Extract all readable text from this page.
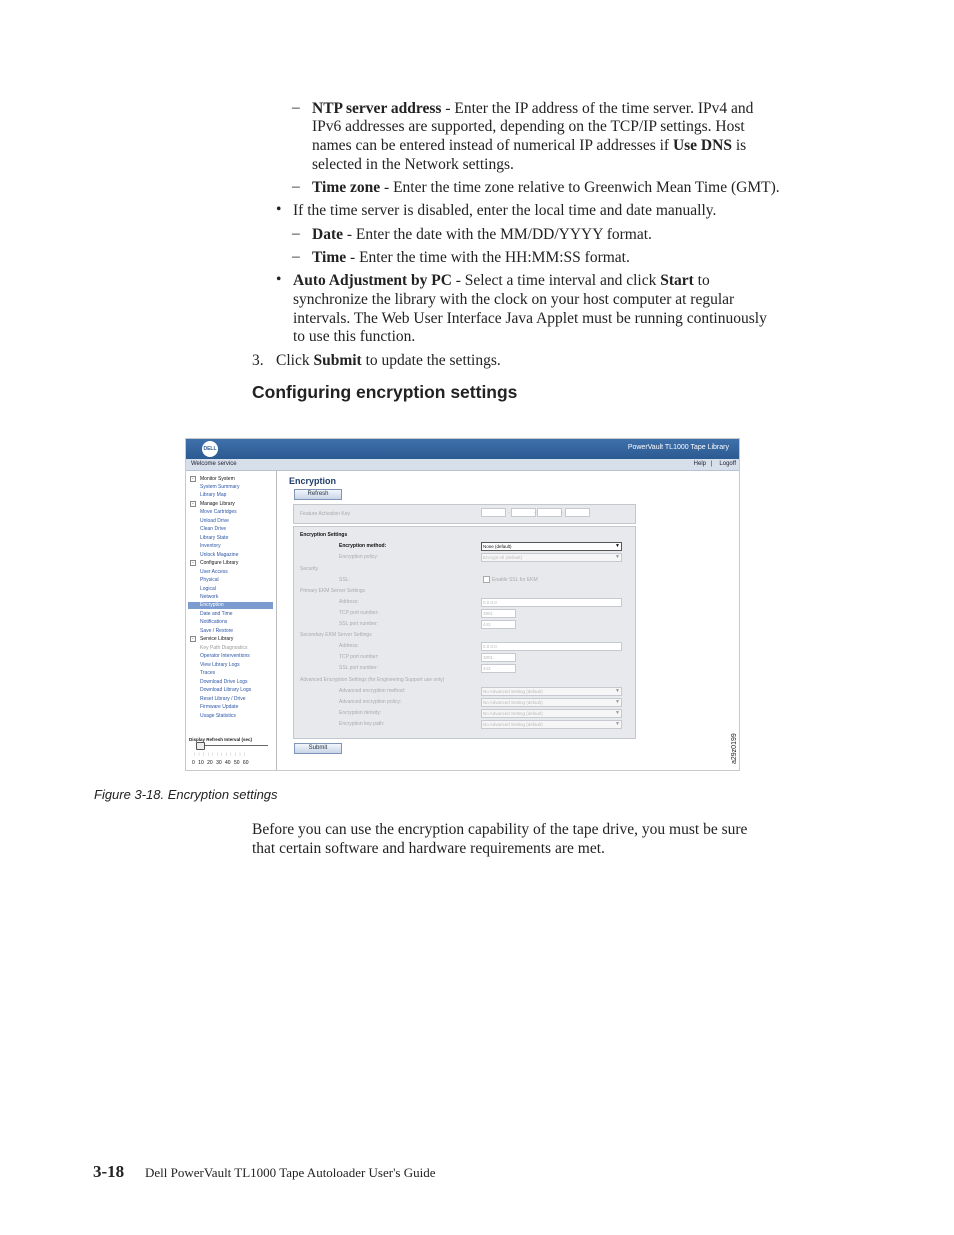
– NTP server address - Enter the IP address of the time server. IPv4 and
IPv6 addresses are supported, depending on the TCP/IP settings. Host
names can be entered instead of numerical IP addresses if Use DNS is
selected in the Network settings.
– Time zone - Enter the time zone relative to Greenwich Mean Time (GMT).
• If the time server is disabled, enter the local time and date manually.
– Date - Enter the date with the MM/DD/YYYY format.
– Time - Enter the time with the HH:MM:SS format.
• Auto Adjustment by PC - Select a time interval and click Start to
synchronize the library with the clock on your host computer at regular
intervals. The Web User Interface Java Applet must be running continuously
to use this function.
3. Click Submit to update the settings.
Configuring encryption settings
DELL	PowerVault TL1000 Tape Library
Welcome service	Help | Logoff
−	Monitor System
System Summary
Library Map
−	Manage Library
Move Cartridges
Unload Drive
Clean Drive
Library State
Inventory
Unlock Magazine
−	Configure Library
User Access
Physical
Logical
Network
Encryption
Date and Time
Notifications
Save / Restore
−	Service Library
Key Path Diagnostics
Operator Interventions
View Library Logs
Traces
Download Drive Logs
Download Library Logs
Reset Library / Drive
Firmware Update
Usage Statistics
Display Refresh Interval (sec)
| | | | | | | | | | | |
0 10 20 30 40 50 60
Encryption
Refresh
Feature Activation Key	-	-	-
Encryption Settings
Encryption method:	None (default)	▼
Encryption policy:	Encrypt All (default)	▼
Security
SSL:	Enable SSL for EKM
Primary EKM Server Settings
Address:	0.0.0.0
TCP port number:	3801
SSL port number:	443
Secondary EKM Server Settings
Address:	0.0.0.0
TCP port number:	3801
SSL port number:	443
Advanced Encryption Settings (for Engineering Support use only)
Advanced encryption method:	No Advanced Setting (default)	▼
Advanced encryption policy:	No Advanced Setting (default)	▼
Encryption density:	No Advanced Setting (default)	▼
Encryption key path:	No Advanced Setting (default)	▼
Submit	a29z0199
Figure 3-18. Encryption settings
Before you can use the encryption capability of the tape drive, you must be sure
that certain software and hardware requirements are met.
3-18 Dell PowerVault TL1000 Tape Autoloader User's Guide
